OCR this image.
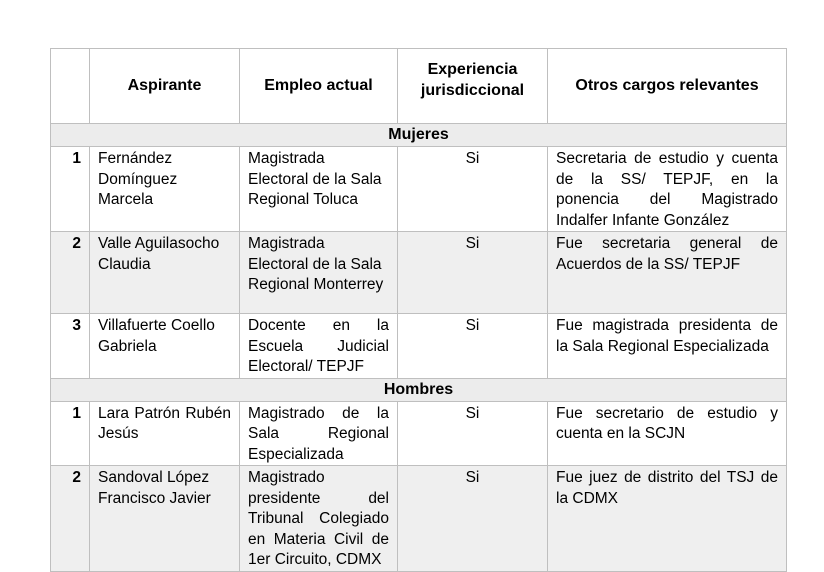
	Aspirante	Empleo actual	Experiencia jurisdiccional	Otros cargos relevantes
Mujeres				
1	Fernández Domínguez Marcela	Magistrada Electoral de la Sala Regional Toluca	Si	Secretaria de estudio y cuenta de la SS/ TEPJF, en la ponencia del Magistrado Indalfer Infante González
2	Valle Aguilasocho Claudia	Magistrada Electoral de la Sala Regional Monterrey	Si	Fue secretaria general de Acuerdos de la SS/ TEPJF
3	Villafuerte Coello Gabriela	Docente en la Escuela Judicial Electoral/ TEPJF	Si	Fue magistrada presidenta de la Sala Regional Especializada
Hombres				
1	Lara Patrón Rubén Jesús	Magistrado de la Sala Regional Especializada	Si	Fue secretario de estudio y cuenta en la SCJN
2	Sandoval López Francisco Javier	Magistrado presidente del Tribunal Colegiado en Materia Civil de 1er Circuito, CDMX	Si	Fue juez de distrito del TSJ de la CDMX
